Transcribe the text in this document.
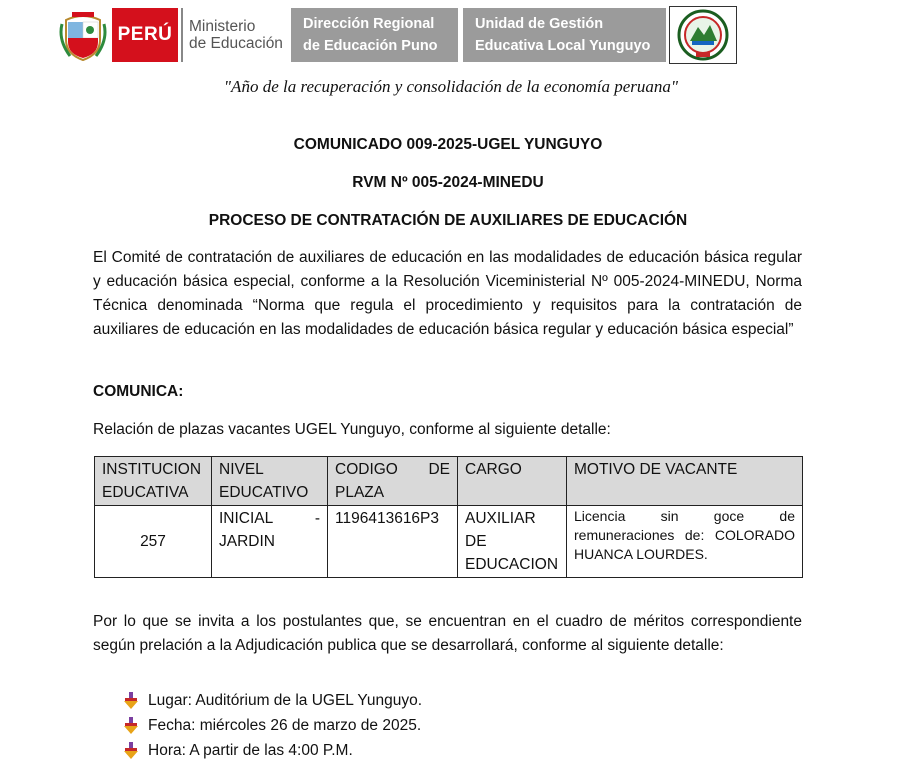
PERÚ	Ministerio
de Educación
Dirección Regional
de Educación Puno
Unidad de Gestión
Educativa Local Yunguyo
"Año de la recuperación y consolidación de la economía peruana"
COMUNICADO 009-2025-UGEL YUNGUYO
RVM Nº 005-2024-MINEDU
PROCESO DE CONTRATACIÓN DE AUXILIARES DE EDUCACIÓN
El Comité de contratación de auxiliares de educación en las modalidades de educación básica regular y educación básica especial, conforme a la Resolución Viceministerial Nº 005-2024-MINEDU, Norma Técnica denominada “Norma que regula el procedimiento y requisitos para la contratación de auxiliares de educación en las modalidades de educación básica regular y educación básica especial”
COMUNICA:
Relación de plazas vacantes UGEL Yunguyo, conforme al siguiente detalle:
INSTITUCION EDUCATIVA	NIVEL EDUCATIVO	CODIGO DE PLAZA	CARGO	MOTIVO DE VACANTE
257	INICIAL - JARDIN	1196413616P3	AUXILIAR DE EDUCACION	Licencia sin goce de remuneraciones de: COLORADO HUANCA LOURDES.
Por lo que se invita a los postulantes que, se encuentran en el cuadro de méritos correspondiente según prelación a la Adjudicación publica que se desarrollará, conforme al siguiente detalle:
Lugar: Auditórium de la UGEL Yunguyo.
Fecha: miércoles 26 de marzo de 2025.
Hora: A partir de las 4:00 P.M.
